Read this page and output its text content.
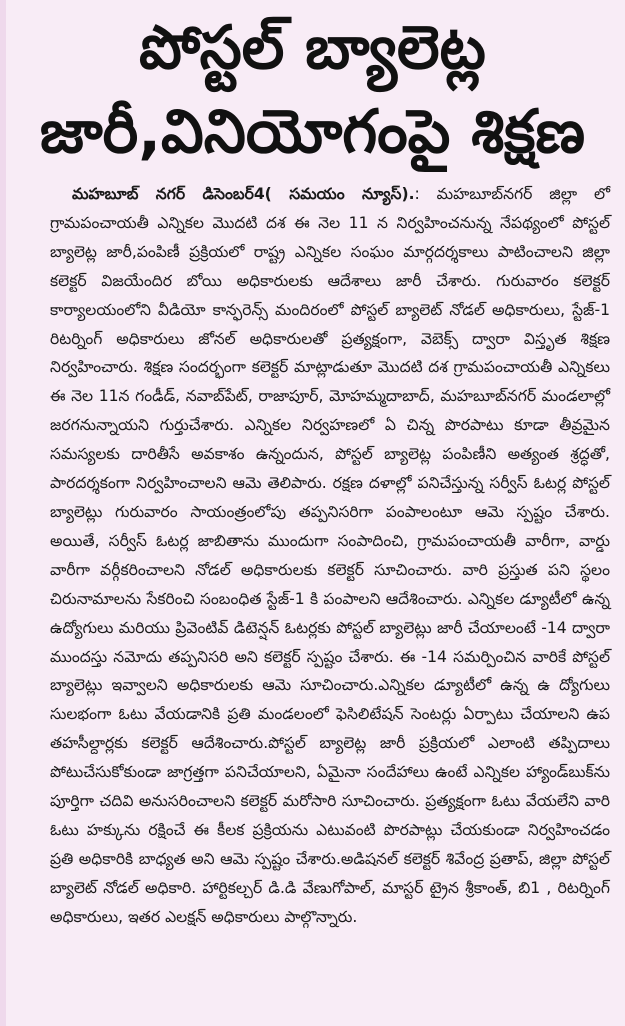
పోస్టల్ బ్యాలెట్ల
జారీ,వినియోగంపై శిక్షణ

మహబూబ్ నగర్ డిసెంబర్4( సమయం న్యూస్).: మహబూబ్‌నగర్ జిల్లా లో గ్రామపంచాయతీ ఎన్నికల మొదటి దశ ఈ నెల 11 న నిర్వహించనున్న నేపథ్యంలో పోస్టల్ బ్యాలెట్ల జారీ,పంపిణీ ప్రక్రియలో రాష్ట్ర ఎన్నికల సంఘం మార్గదర్శకాలు పాటించాలని జిల్లా కలెక్టర్ విజయేందిర బోయి అధికారులకు ఆదేశాలు జారీ చేశారు. గురువారం కలెక్టర్ కార్యాలయంలోని వీడియో కాన్ఫరెన్స్ మందిరంలో పోస్టల్ బ్యాలెట్ నోడల్ అధికారులు, స్టేజ్-1 రిటర్నింగ్ అధికారులు జోనల్ అధికారులతో ప్రత్యక్షంగా, వెబెక్స్ ద్వారా విస్తృత శిక్షణ నిర్వహించారు. శిక్షణ సందర్భంగా కలెక్టర్ మాట్లాడుతూ మొదటి దశ గ్రామపంచాయతీ ఎన్నికలు ఈ నెల 11న గండీడ్, నవాబ్‌పేట్, రాజాపూర్, మోహమ్మదాబాద్, మహబూబ్‌నగర్ మండలాల్లో జరగనున్నాయని గుర్తుచేశారు. ఎన్నికల నిర్వహణలో ఏ చిన్న పొరపాటు కూడా తీవ్రమైన సమస్యలకు దారితీసే అవకాశం ఉన్నందున, పోస్టల్ బ్యాలెట్ల పంపిణీని అత్యంత శ్రద్ధతో, పారదర్శకంగా నిర్వహించాలని ఆమె తెలిపారు. రక్షణ దళాల్లో పనిచేస్తున్న సర్వీస్ ఓటర్ల పోస్టల్ బ్యాలెట్లు గురువారం సాయంత్రంలోపు తప్పనిసరిగా పంపాలంటూ ఆమె స్పష్టం చేశారు. అయితే, సర్వీస్ ఓటర్ల జాబితాను ముందుగా సంపాదించి, గ్రామపంచాయతీ వారీగా, వార్డు వారీగా వర్గీకరించాలని నోడల్ అధికారులకు కలెక్టర్ సూచించారు. వారి ప్రస్తుత పని స్థలం చిరునామాలను సేకరించి సంబంధిత స్టేజ్-1 కి పంపాలని ఆదేశించారు. ఎన్నికల డ్యూటీలో ఉన్న ఉద్యోగులు మరియు ప్రివెంటివ్ డిటెన్షన్ ఓటర్లకు పోస్టల్ బ్యాలెట్లు జారీ చేయాలంటే -14 ద్వారా ముందస్తు నమోదు తప్పనిసరి అని కలెక్టర్ స్పష్టం చేశారు. ఈ -14 సమర్పించిన వారికే పోస్టల్ బ్యాలెట్లు ఇవ్వాలని అధికారులకు ఆమె సూచించారు.ఎన్నికల డ్యూటీలో ఉన్న ఉ ద్యోగులు సులభంగా ఓటు వేయడానికి ప్రతి మండలంలో ఫెసిలిటేషన్ సెంటర్లు ఏర్పాటు చేయాలని ఉప తహసీల్దార్లకు కలెక్టర్ ఆదేశించారు.పోస్టల్ బ్యాలెట్ల జారీ ప్రక్రియలో ఎలాంటి తప్పిదాలు పోటుచేసుకోకుండా జాగ్రత్తగా పనిచేయాలని, ఏమైనా సందేహాలు ఉంటే ఎన్నికల హ్యాండ్‌బుక్‌ను పూర్తిగా చదివి అనుసరించాలని కలెక్టర్ మరోసారి సూచించారు. ప్రత్యక్షంగా ఓటు వేయలేని వారి ఓటు హక్కును రక్షించే ఈ కీలక ప్రక్రియను ఎటువంటి పొరపాట్లు చేయకుండా నిర్వహించడం ప్రతి అధికారికి బాధ్యత అని ఆమె స్పష్టం చేశారు.అడిషనల్ కలెక్టర్ శివేంద్ర ప్రతాప్, జిల్లా పోస్టల్ బ్యాలెట్ నోడల్ అధికారి. హార్టికల్చర్ డి.డి వేణుగోపాల్, మాస్టర్ ట్రైన శ్రీకాంత్, బి1 , రిటర్నింగ్ అధికారులు, ఇతర ఎలక్షన్ అధికారులు పాల్గొన్నారు.
